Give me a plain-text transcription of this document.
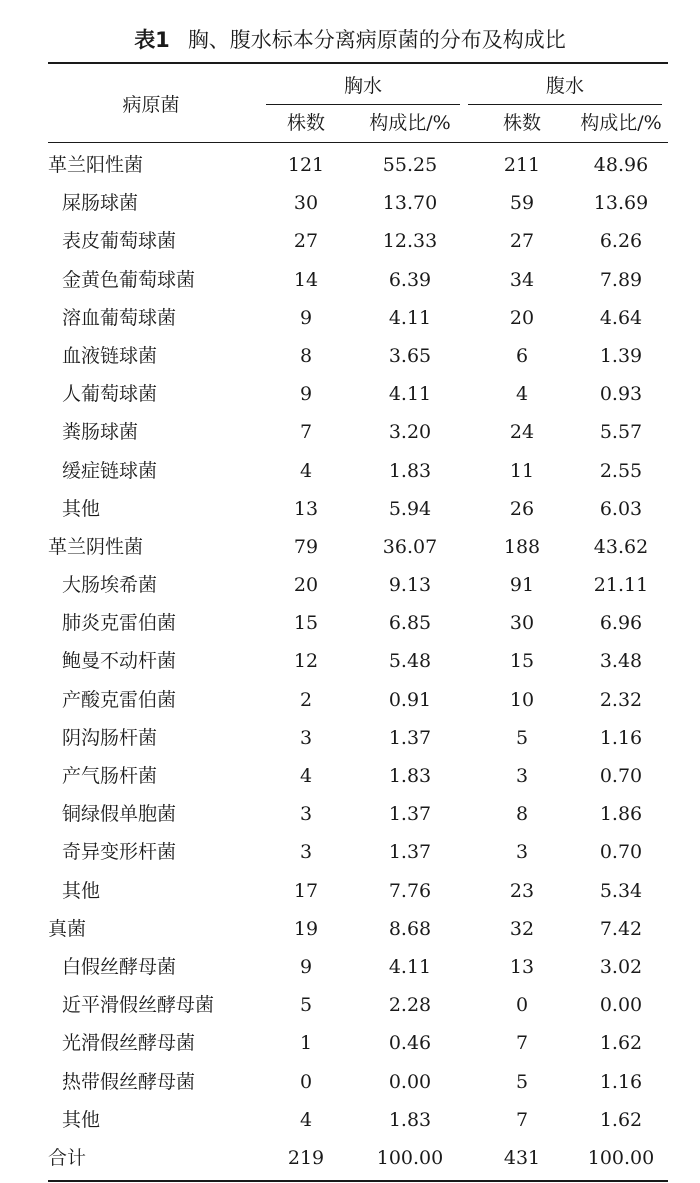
表1 胸、腹水标本分离病原菌的分布及构成比
病原菌
胸水	腹水
株数	构成比/%	株数	构成比/%
革兰阳性菌	121	55.25	211	48.96
屎肠球菌	30	13.70	59	13.69
表皮葡萄球菌	27	12.33	27	6.26
金黄色葡萄球菌	14	6.39	34	7.89
溶血葡萄球菌	9	4.11	20	4.64
血液链球菌	8	3.65	6	1.39
人葡萄球菌	9	4.11	4	0.93
粪肠球菌	7	3.20	24	5.57
缓症链球菌	4	1.83	11	2.55
其他	13	5.94	26	6.03
革兰阴性菌	79	36.07	188	43.62
大肠埃希菌	20	9.13	91	21.11
肺炎克雷伯菌	15	6.85	30	6.96
鲍曼不动杆菌	12	5.48	15	3.48
产酸克雷伯菌	2	0.91	10	2.32
阴沟肠杆菌	3	1.37	5	1.16
产气肠杆菌	4	1.83	3	0.70
铜绿假单胞菌	3	1.37	8	1.86
奇异变形杆菌	3	1.37	3	0.70
其他	17	7.76	23	5.34
真菌	19	8.68	32	7.42
白假丝酵母菌	9	4.11	13	3.02
近平滑假丝酵母菌	5	2.28	0	0.00
光滑假丝酵母菌	1	0.46	7	1.62
热带假丝酵母菌	0	0.00	5	1.16
其他	4	1.83	7	1.62
合计	219	100.00	431	100.00
